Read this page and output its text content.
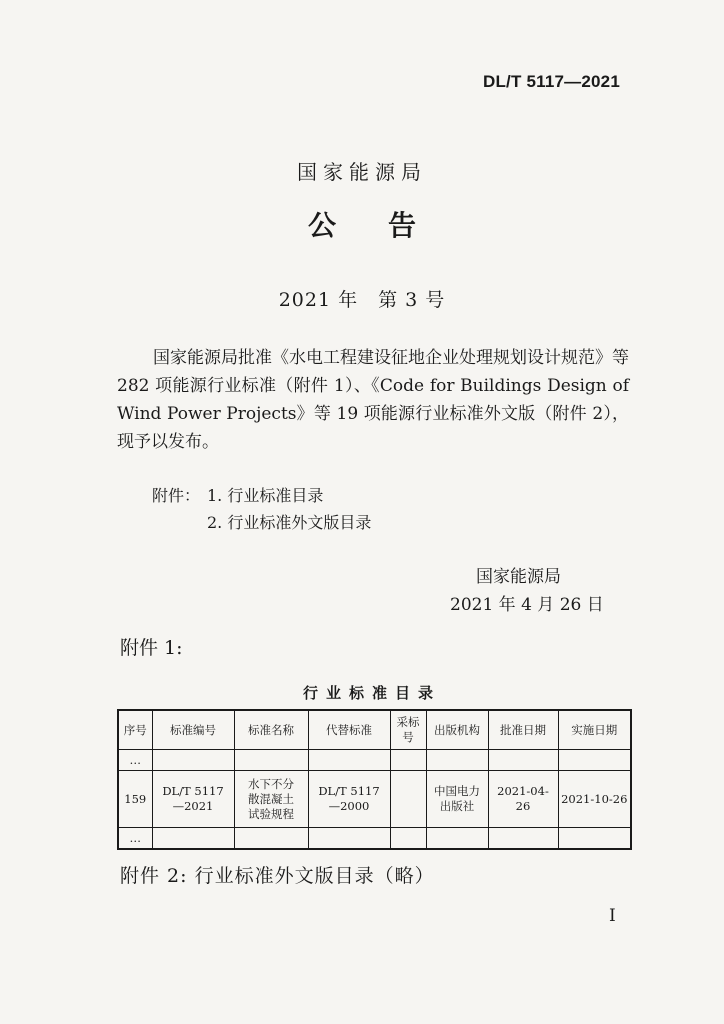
DL/T 5117—2021
国家能源局
公告
2021 年　第 3 号
国家能源局批准《水电工程建设征地企业处理规划设计规范》等 282 项能源行业标准（附件 1）、《Code for Buildings Design of Wind Power Projects》等 19 项能源行业标准外文版（附件 2），现予以发布。
附件： 1. 行业标准目录
2. 行业标准外文版目录
国家能源局
2021 年 4 月 26 日
附件 1:
行业标准目录
序号	标准编号	标准名称	代替标准	采标号	出版机构	批准日期	实施日期
…							
159	DL/T 5117—2021	水下不分散混凝土试验规程	DL/T 5117—2000		中国电力出版社	2021-04-26	2021-10-26
…							
附件 2: 行业标准外文版目录（略）
I
